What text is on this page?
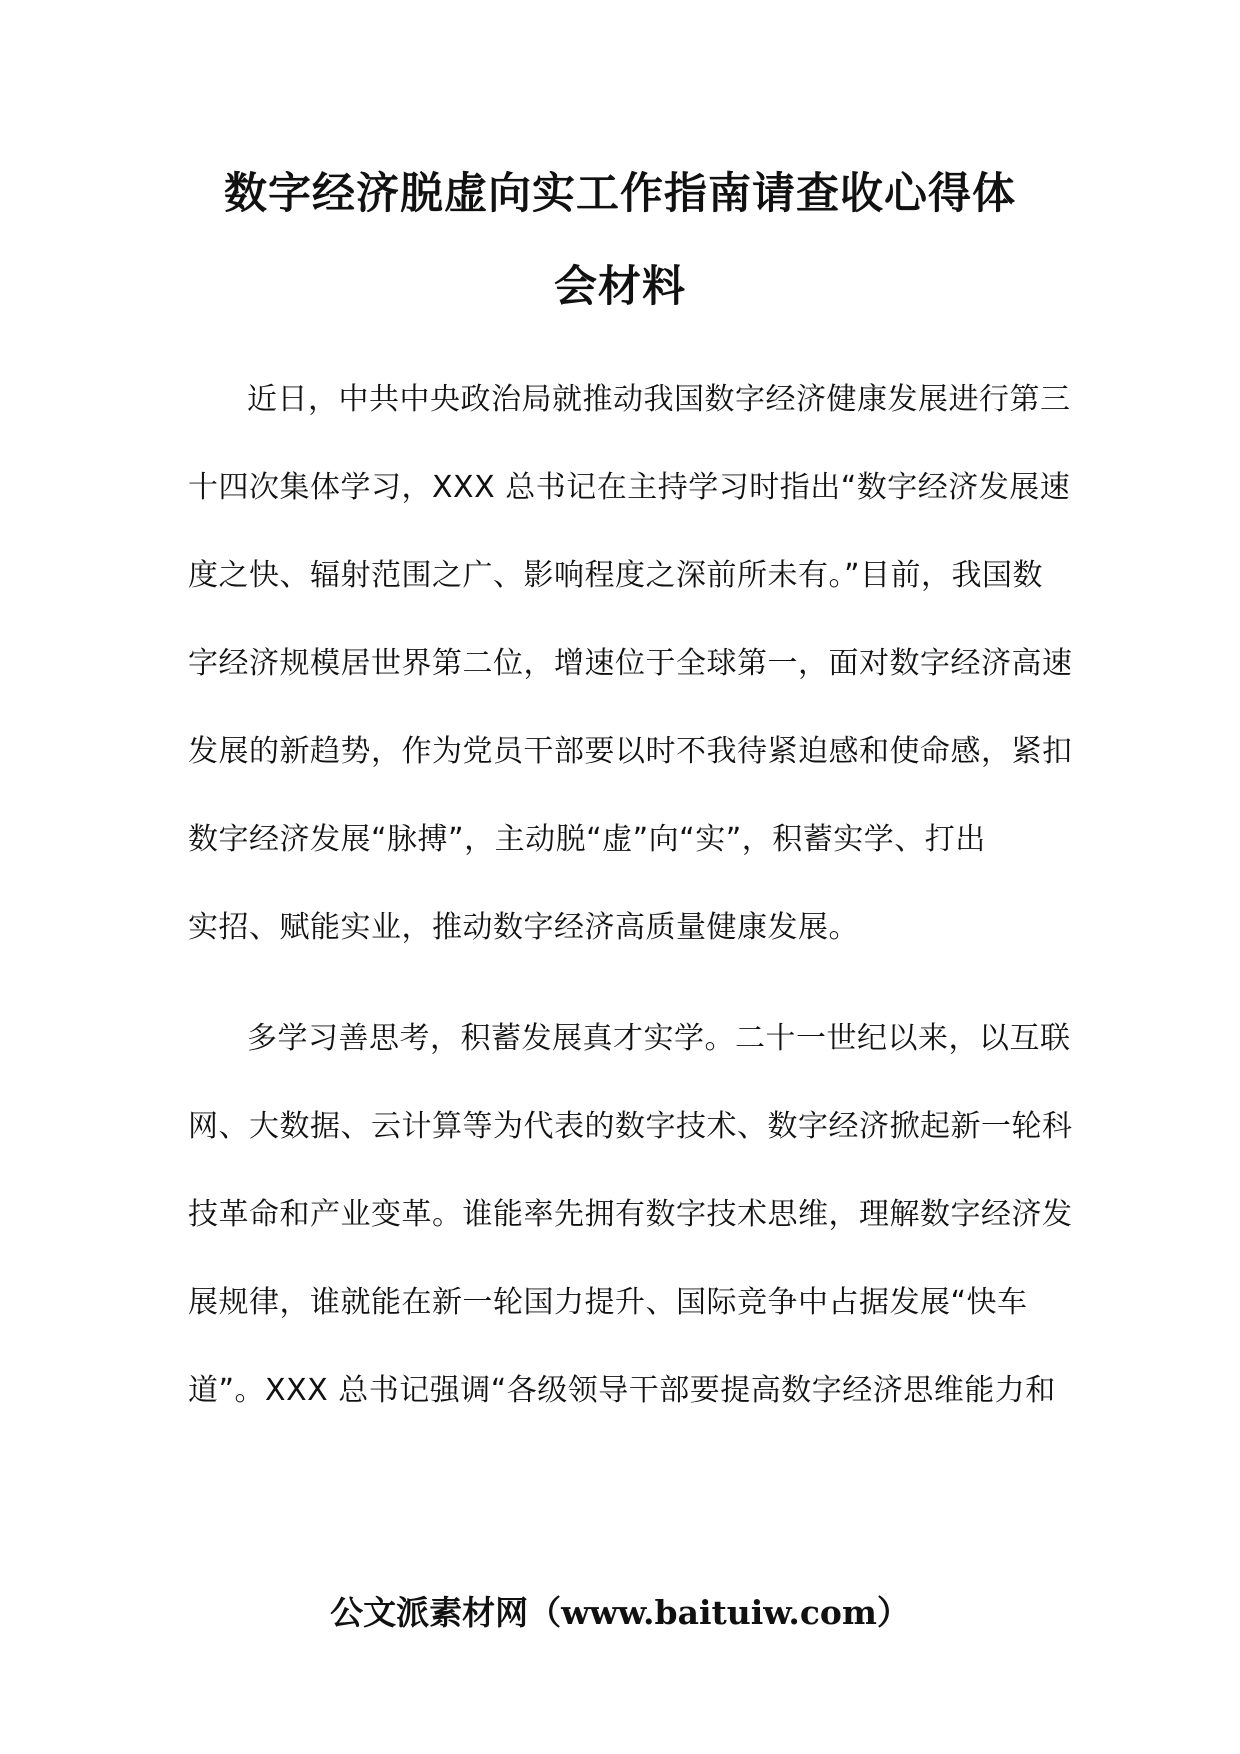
数字经济脱虚向实工作指南请查收心得体
会材料
近日，中共中央政治局就推动我国数字经济健康发展进行第三
十四次集体学习，XXX 总书记在主持学习时指出“数字经济发展速
度之快、辐射范围之广、影响程度之深前所未有。”目前，我国数
字经济规模居世界第二位，增速位于全球第一，面对数字经济高速
发展的新趋势，作为党员干部要以时不我待紧迫感和使命感，紧扣
数字经济发展“脉搏”，主动脱“虚”向“实”，积蓄实学、打出
实招、赋能实业，推动数字经济高质量健康发展。
多学习善思考，积蓄发展真才实学。二十一世纪以来，以互联
网、大数据、云计算等为代表的数字技术、数字经济掀起新一轮科
技革命和产业变革。谁能率先拥有数字技术思维，理解数字经济发
展规律，谁就能在新一轮国力提升、国际竞争中占据发展“快车
道”。XXX 总书记强调“各级领导干部要提高数字经济思维能力和
公文派素材网（www.baituiw.com）
